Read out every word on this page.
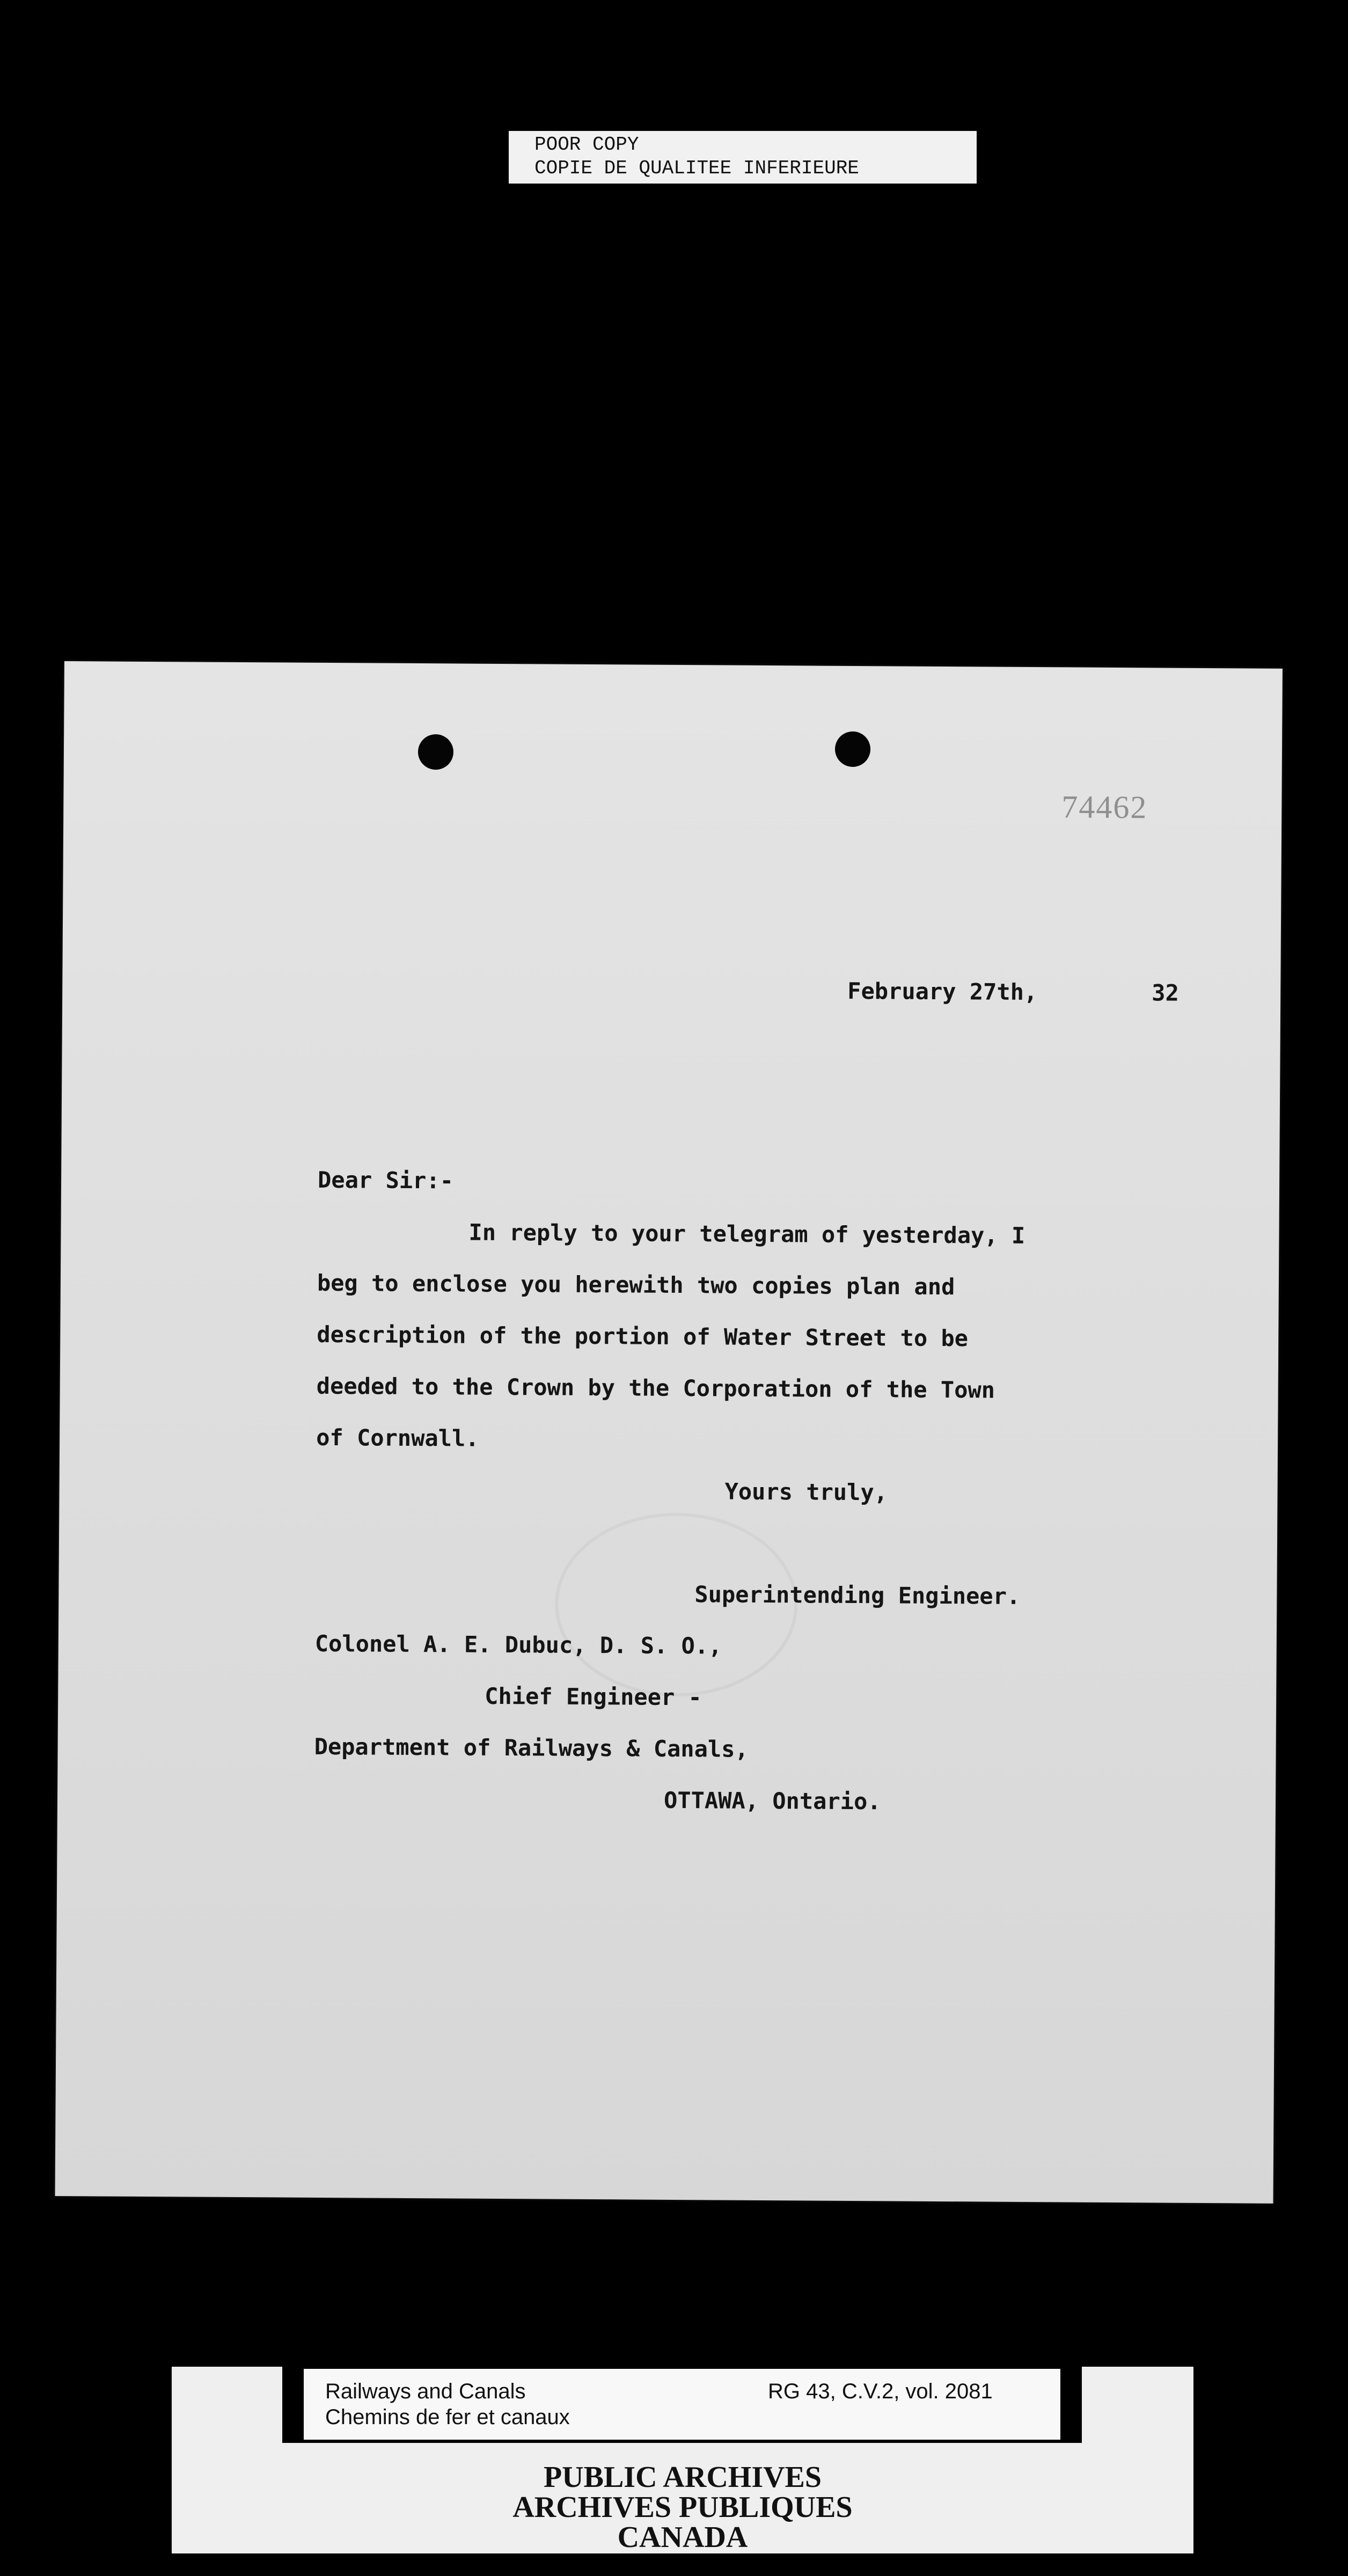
POOR COPY
COPIE DE QUALITEE INFERIEURE
74462
February 27th,	32
Dear Sir:-
In reply to your telegram of yesterday, I
beg to enclose you herewith two copies plan and
description of the portion of Water Street to be
deeded to the Crown by the Corporation of the Town
of Cornwall.
Yours truly,
Superintending Engineer.
Colonel A. E. Dubuc, D. S. O.,
Chief Engineer -
Department of Railways & Canals,
OTTAWA, Ontario.
Railways and Canals
Chemins de fer et canaux
RG 43, C.V.2, vol. 2081
PUBLIC ARCHIVES
ARCHIVES PUBLIQUES
CANADA
